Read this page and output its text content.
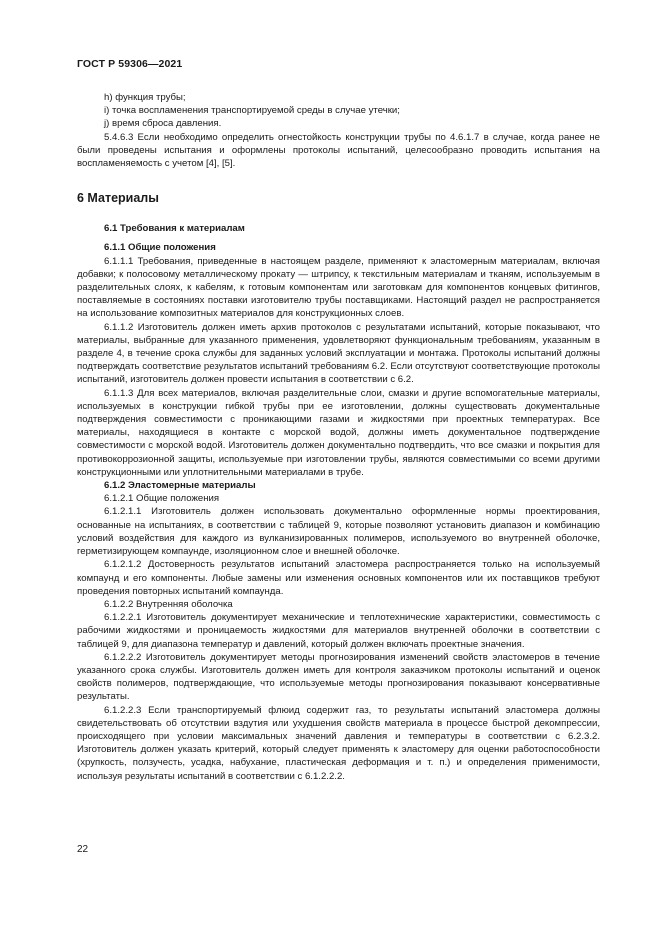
ГОСТ Р 59306—2021

h) функция трубы;

i) точка воспламенения транспортируемой среды в случае утечки;

j) время сброса давления.

5.4.6.3 Если необходимо определить огнестойкость конструкции трубы по 4.6.1.7 в случае, когда ранее не были проведены испытания и оформлены протоколы испытаний, целесообразно проводить испытания на воспламеняемость с учетом [4], [5].

6 Материалы

6.1 Требования к материалам

6.1.1 Общие положения

6.1.1.1 Требования, приведенные в настоящем разделе, применяют к эластомерным материалам, включая добавки; к полосовому металлическому прокату — штрипсу, к текстильным материалам и тканям, используемым в разделительных слоях, к кабелям, к готовым компонентам или заготовкам для компонентов концевых фитингов, поставляемые в состояниях поставки изготовителю трубы поставщиками. Настоящий раздел не распространяется на использование композитных материалов для конструкционных слоев.

6.1.1.2 Изготовитель должен иметь архив протоколов с результатами испытаний, которые показывают, что материалы, выбранные для указанного применения, удовлетворяют функциональным требованиям, указанным в разделе 4, в течение срока службы для заданных условий эксплуатации и монтажа. Протоколы испытаний должны подтверждать соответствие результатов испытаний требованиям 6.2. Если отсутствуют соответствующие протоколы испытаний, изготовитель должен провести испытания в соответствии с 6.2.

6.1.1.3 Для всех материалов, включая разделительные слои, смазки и другие вспомогательные материалы, используемых в конструкции гибкой трубы при ее изготовлении, должны существовать документальные подтверждения совместимости с проникающими газами и жидкостями при проектных температурах. Все материалы, находящиеся в контакте с морской водой, должны иметь документальное подтверждение совместимости с морской водой. Изготовитель должен документально подтвердить, что все смазки и покрытия для противокоррозионной защиты, используемые при изготовлении трубы, являются совместимыми со всеми другими конструкционными или уплотнительными материалами в трубе.

6.1.2 Эластомерные материалы

6.1.2.1 Общие положения

6.1.2.1.1 Изготовитель должен использовать документально оформленные нормы проектирования, основанные на испытаниях, в соответствии с таблицей 9, которые позволяют установить диапазон и комбинацию условий воздействия для каждого из вулканизированных полимеров, используемого во внутренней оболочке, герметизирующем компаунде, изоляционном слое и внешней оболочке.

6.1.2.1.2 Достоверность результатов испытаний эластомера распространяется только на используемый компаунд и его компоненты. Любые замены или изменения основных компонентов или их поставщиков требуют проведения повторных испытаний компаунда.

6.1.2.2 Внутренняя оболочка

6.1.2.2.1 Изготовитель документирует механические и теплотехнические характеристики, совместимость с рабочими жидкостями и проницаемость жидкостями для материалов внутренней оболочки в соответствии с таблицей 9, для диапазона температур и давлений, который должен включать проектные значения.

6.1.2.2.2 Изготовитель документирует методы прогнозирования изменений свойств эластомеров в течение указанного срока службы. Изготовитель должен иметь для контроля заказчиком протоколы испытаний и оценок свойств полимеров, подтверждающие, что используемые методы прогнозирования показывают консервативные результаты.

6.1.2.2.3 Если транспортируемый флюид содержит газ, то результаты испытаний эластомера должны свидетельствовать об отсутствии вздутия или ухудшения свойств материала в процессе быстрой декомпрессии, происходящего при условии максимальных значений давления и температуры в соответствии с 6.2.3.2. Изготовитель должен указать критерий, который следует применять к эластомеру для оценки работоспособности (хрупкость, ползучесть, усадка, набухание, пластическая деформация и т. п.) и определения применимости, используя результаты испытаний в соответствии с 6.1.2.2.2.

22
